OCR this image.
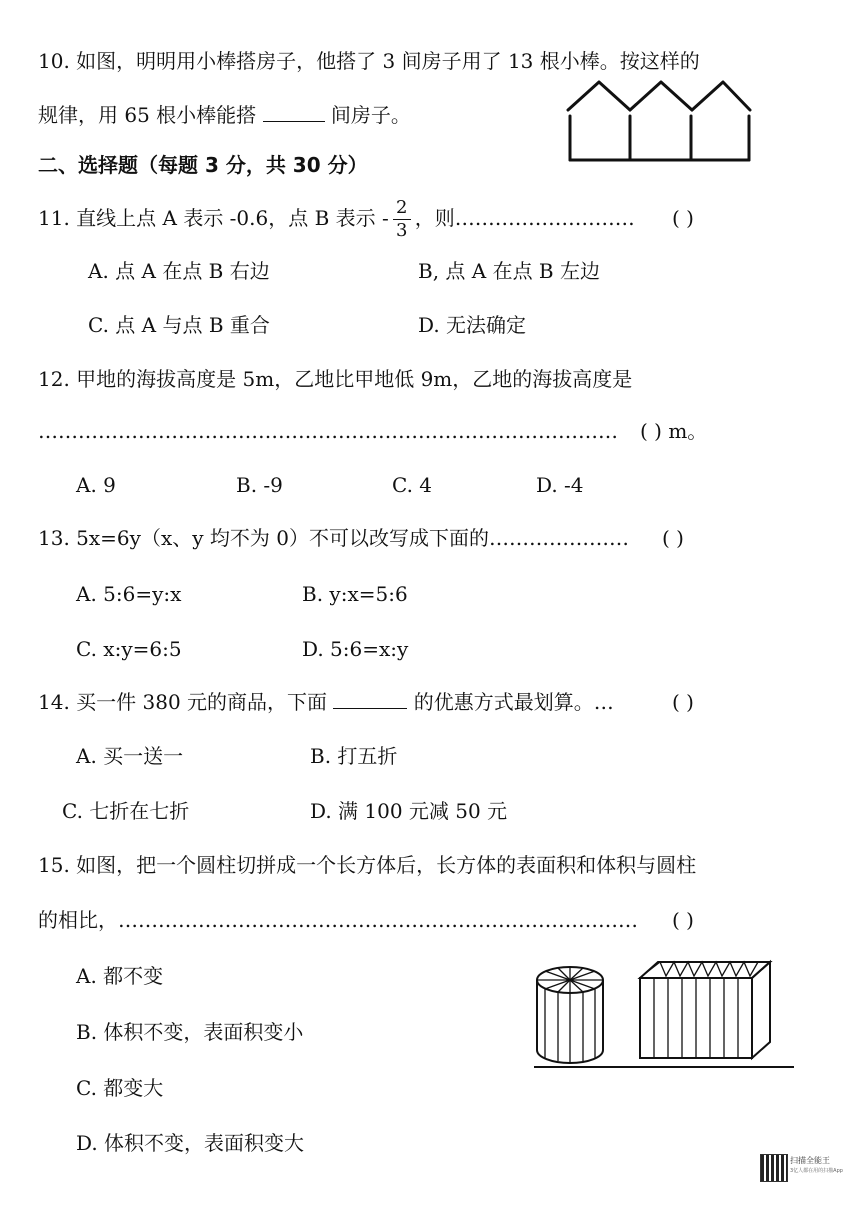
10. 如图，明明用小棒搭房子，他搭了 3 间房子用了 13 根小棒。按这样的
规律，用 65 根小棒能搭	间房子。
二、选择题（每题 3 分，共 30 分）
11. 直线上点 A 表示 -0.6，点 B 表示 - $\frac{2}{3}$ ，则……………………… ( )
A. 点 A 在点 B 右边	B, 点 A 在点 B 左边
C. 点 A 与点 B 重合	D. 无法确定
12. 甲地的海拔高度是 5m，乙地比甲地低 9m，乙地的海拔高度是
……………………………………………………………………………	( ) m。
A. 9	B. -9	C. 4	D. -4
13. 5x=6y（x、y 均不为 0）不可以改写成下面的………………… ( )
A. 5:6=y:x	B. y:x=5:6
C. x:y=6:5	D. 5:6=x:y
14. 买一件 380 元的商品，下面	的优惠方式最划算。…	( )
A. 买一送一	B. 打五折
C. 七折在七折	D. 满 100 元减 50 元
15. 如图，把一个圆柱切拼成一个长方体后，长方体的表面积和体积与圆柱
的相比，……………………………………………………………………	( )
A. 都不变
B. 体积不变，表面积变小
C. 都变大
D. 体积不变，表面积变大
扫描全能王
3亿人都在用的扫描App
